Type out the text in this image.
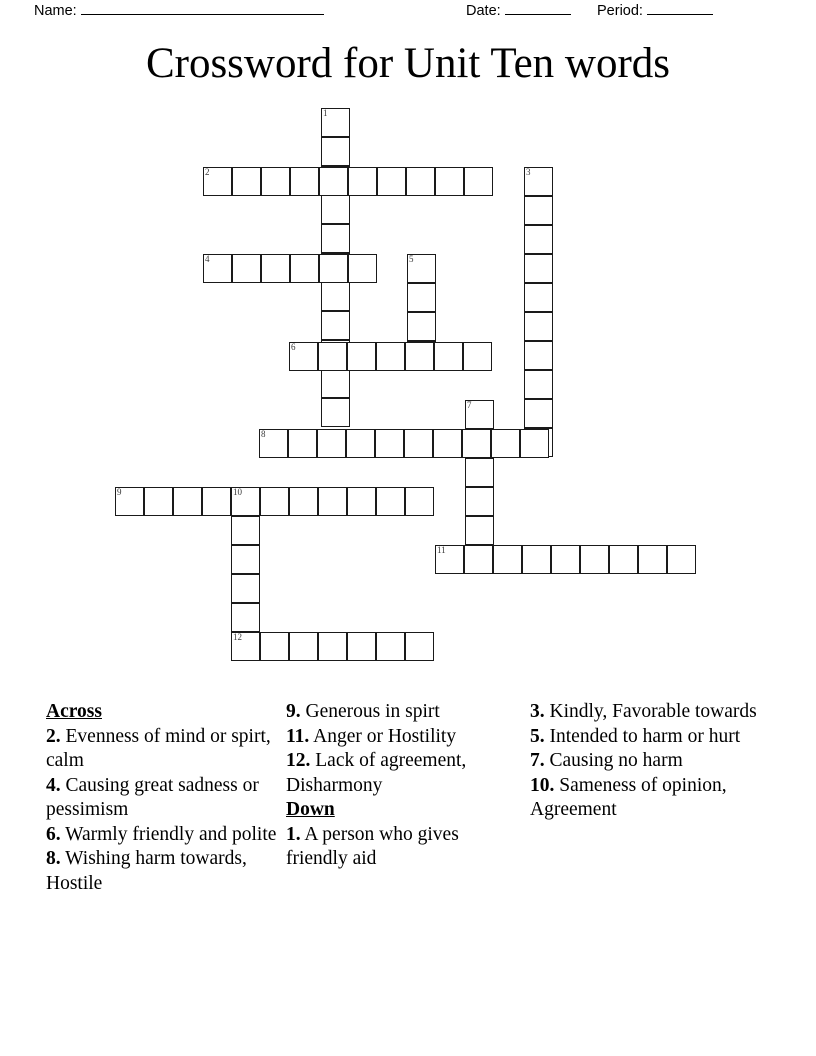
Name:	Date:	Period:
Crossword for Unit Ten words
1
2	3
4	5
6
7
8
9	10
12
11
Across
2. Evenness of mind or spirt, calm
4. Causing great sadness or pessimism
6. Warmly friendly and polite
8. Wishing harm towards, Hostile
9. Generous in spirt
11. Anger or Hostility
12. Lack of agreement, Disharmony
Down
1. A person who gives friendly aid
3. Kindly, Favorable towards
5. Intended to harm or hurt
7. Causing no harm
10. Sameness of opinion, Agreement
